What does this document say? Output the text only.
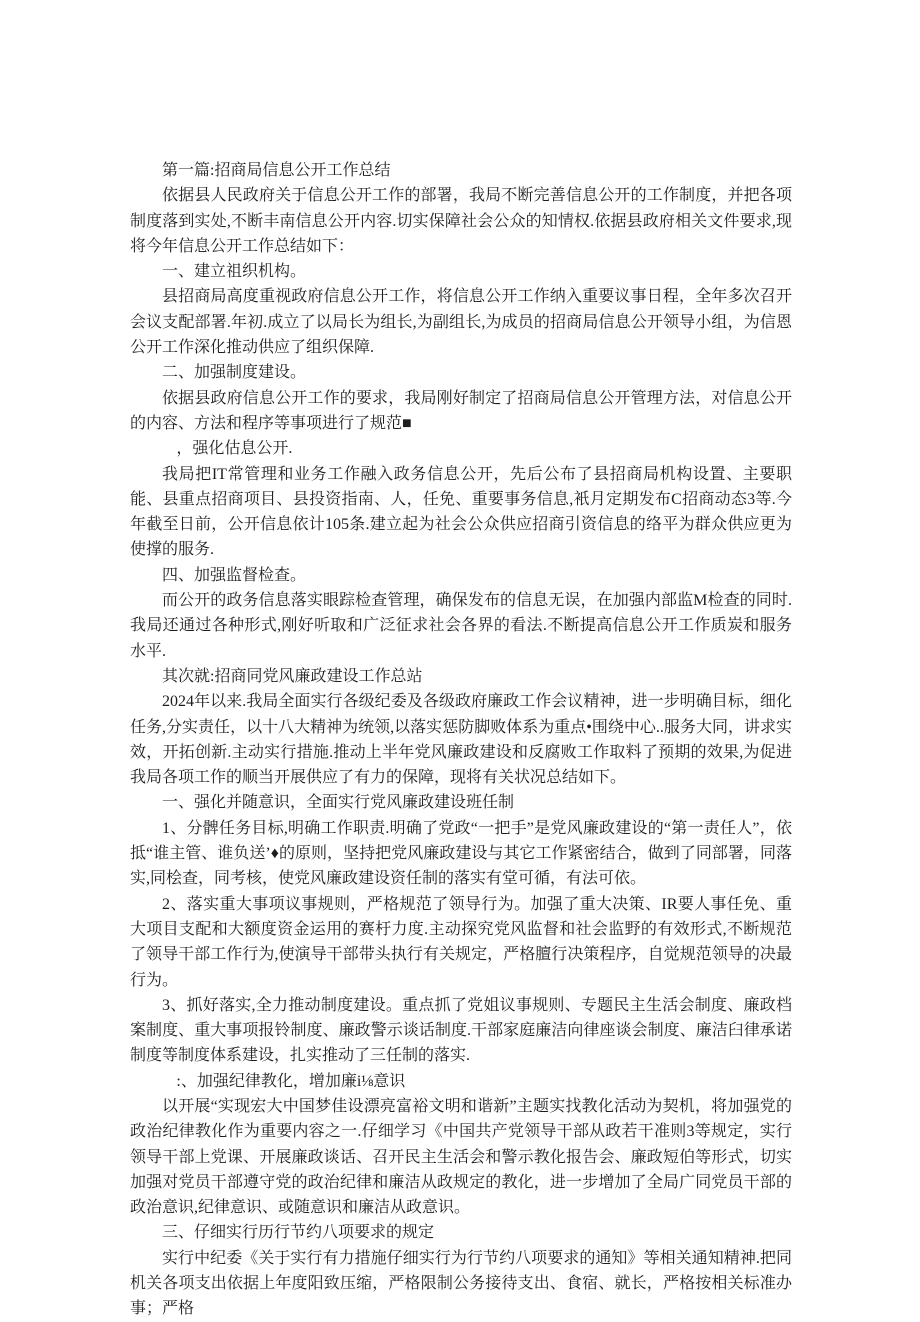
第一篇:招商局信息公开工作总结

依据县人民政府关于信息公开工作的部署，我局不断完善信息公开的工作制度，并把各项制度落到实处,不断丰南信息公开内容.切实保障社会公众的知情权.依据县政府相关文件要求,现将今年信息公开工作总结如下：

一、建立祖织机构。

县招商局高度重视政府信息公开工作，将信息公开工作纳入重要议事日程，全年多次召开会议支配部署.年初.成立了以局长为组长,为副组长,为成员的招商局信息公开领导小组，为信恩公开工作深化推动供应了组织保障.

二、加强制度建设。

依据县政府信息公开工作的要求，我局刚好制定了招商局信息公开管理方法，对信息公开的内容、方法和程序等事项进行了规范■

，强化估息公开.

我局把IT常管理和业务工作融入政务信息公开，先后公布了县招商局机构设置、主要职能、县重点招商项目、县投资指南、人，任免、重要事务信息,衹月定期发布C招商动态3等.今年截至日前，公开信息依计105条.建立起为社会公众供应招商引资信息的络平为群众供应更为使撑的服务.

四、加强监督检查。

而公开的政务信息落实眼踪检查管理，确保发布的信息无误，在加强内部监M检查的同时.我局还通过各种形式,刚好听取和广泛征求社会各界的看法.不断提高信息公开工作质炭和服务水平.

其次就:招商同党风廉政建设工作总站

2024年以来.我局全面实行各级纪委及各级政府廉政工作会议精神，进一步明确目标，细化任务,分实责任，以十八大精神为统领,以落实惩防脚败体系为重点•围绕中心..服务大同，讲求实效，开拓创新.主动实行措施.推动上半年党风廉政建设和反腐败工作取料了预期的效果,为促进我局各项工作的顺当开展供应了有力的保障，现将有关状况总结如下。

一、强化并随意识，全面实行党风廉政建设班任制

1、分髀任务目标,明确工作职责.明确了党政“一把手”是党风廉政建设的“第一责任人”，依抵“谁主管、谁负送’♦的原则，坚持把党风廉政建设与其它工作紧密结合，做到了同部署，同落实,同桧查，同考核，使党风廉政建设资任制的落实有堂可循，有法可依。

2、落实重大事项议事规则，严格规范了领导行为。加强了重大决策、IR要人事任免、重大项目支配和大额度资金运用的赛杅力度.主动探究党风监督和社会监野的有效形式,不断规范了领导干部工作行为,使演导干部带头执行有关规定，严格膻行决策程序，自觉规范领导的决最行为。

3、抓好落实,全力推动制度建设。重点抓了党姐议事规则、专题民主生活会制度、廉政档案制度、重大事项报铃制度、廉政警示谈话制度.干部家庭廉洁向律座谈会制度、廉洁臼律承诺制度等制度体系建设，扎实推动了三任制的落实.

:、加强纪律教化，增加廉i⅛意识

以开展“实现宏大中国梦佳设漂亮富裕文明和谐新”主题实找教化活动为契机，将加强党的政治纪律教化作为重要内容之一.仔细学习《中国共产党领导干部从政若干准则3等规定，实行领导干部上党课、开展廉政谈话、召开民主生活会和警示教化报告会、廉政短伯等形式，切实加强对党员干部遵守党的政治纪律和廉洁从政规定的教化，进一步增加了全局广同党员干部的政治意识,纪律意识、或随意识和廉洁从政意识。

三、仔细实行历行节约八项要求的规定

实行中纪委《关于实行有力措施仔细实行为行节约八项要求的通知》等相关通知精神.把同机关各项支出依据上年度阳致压缩，严格限制公务接待支出、食宿、就长，严格按相关标准办事；严格
